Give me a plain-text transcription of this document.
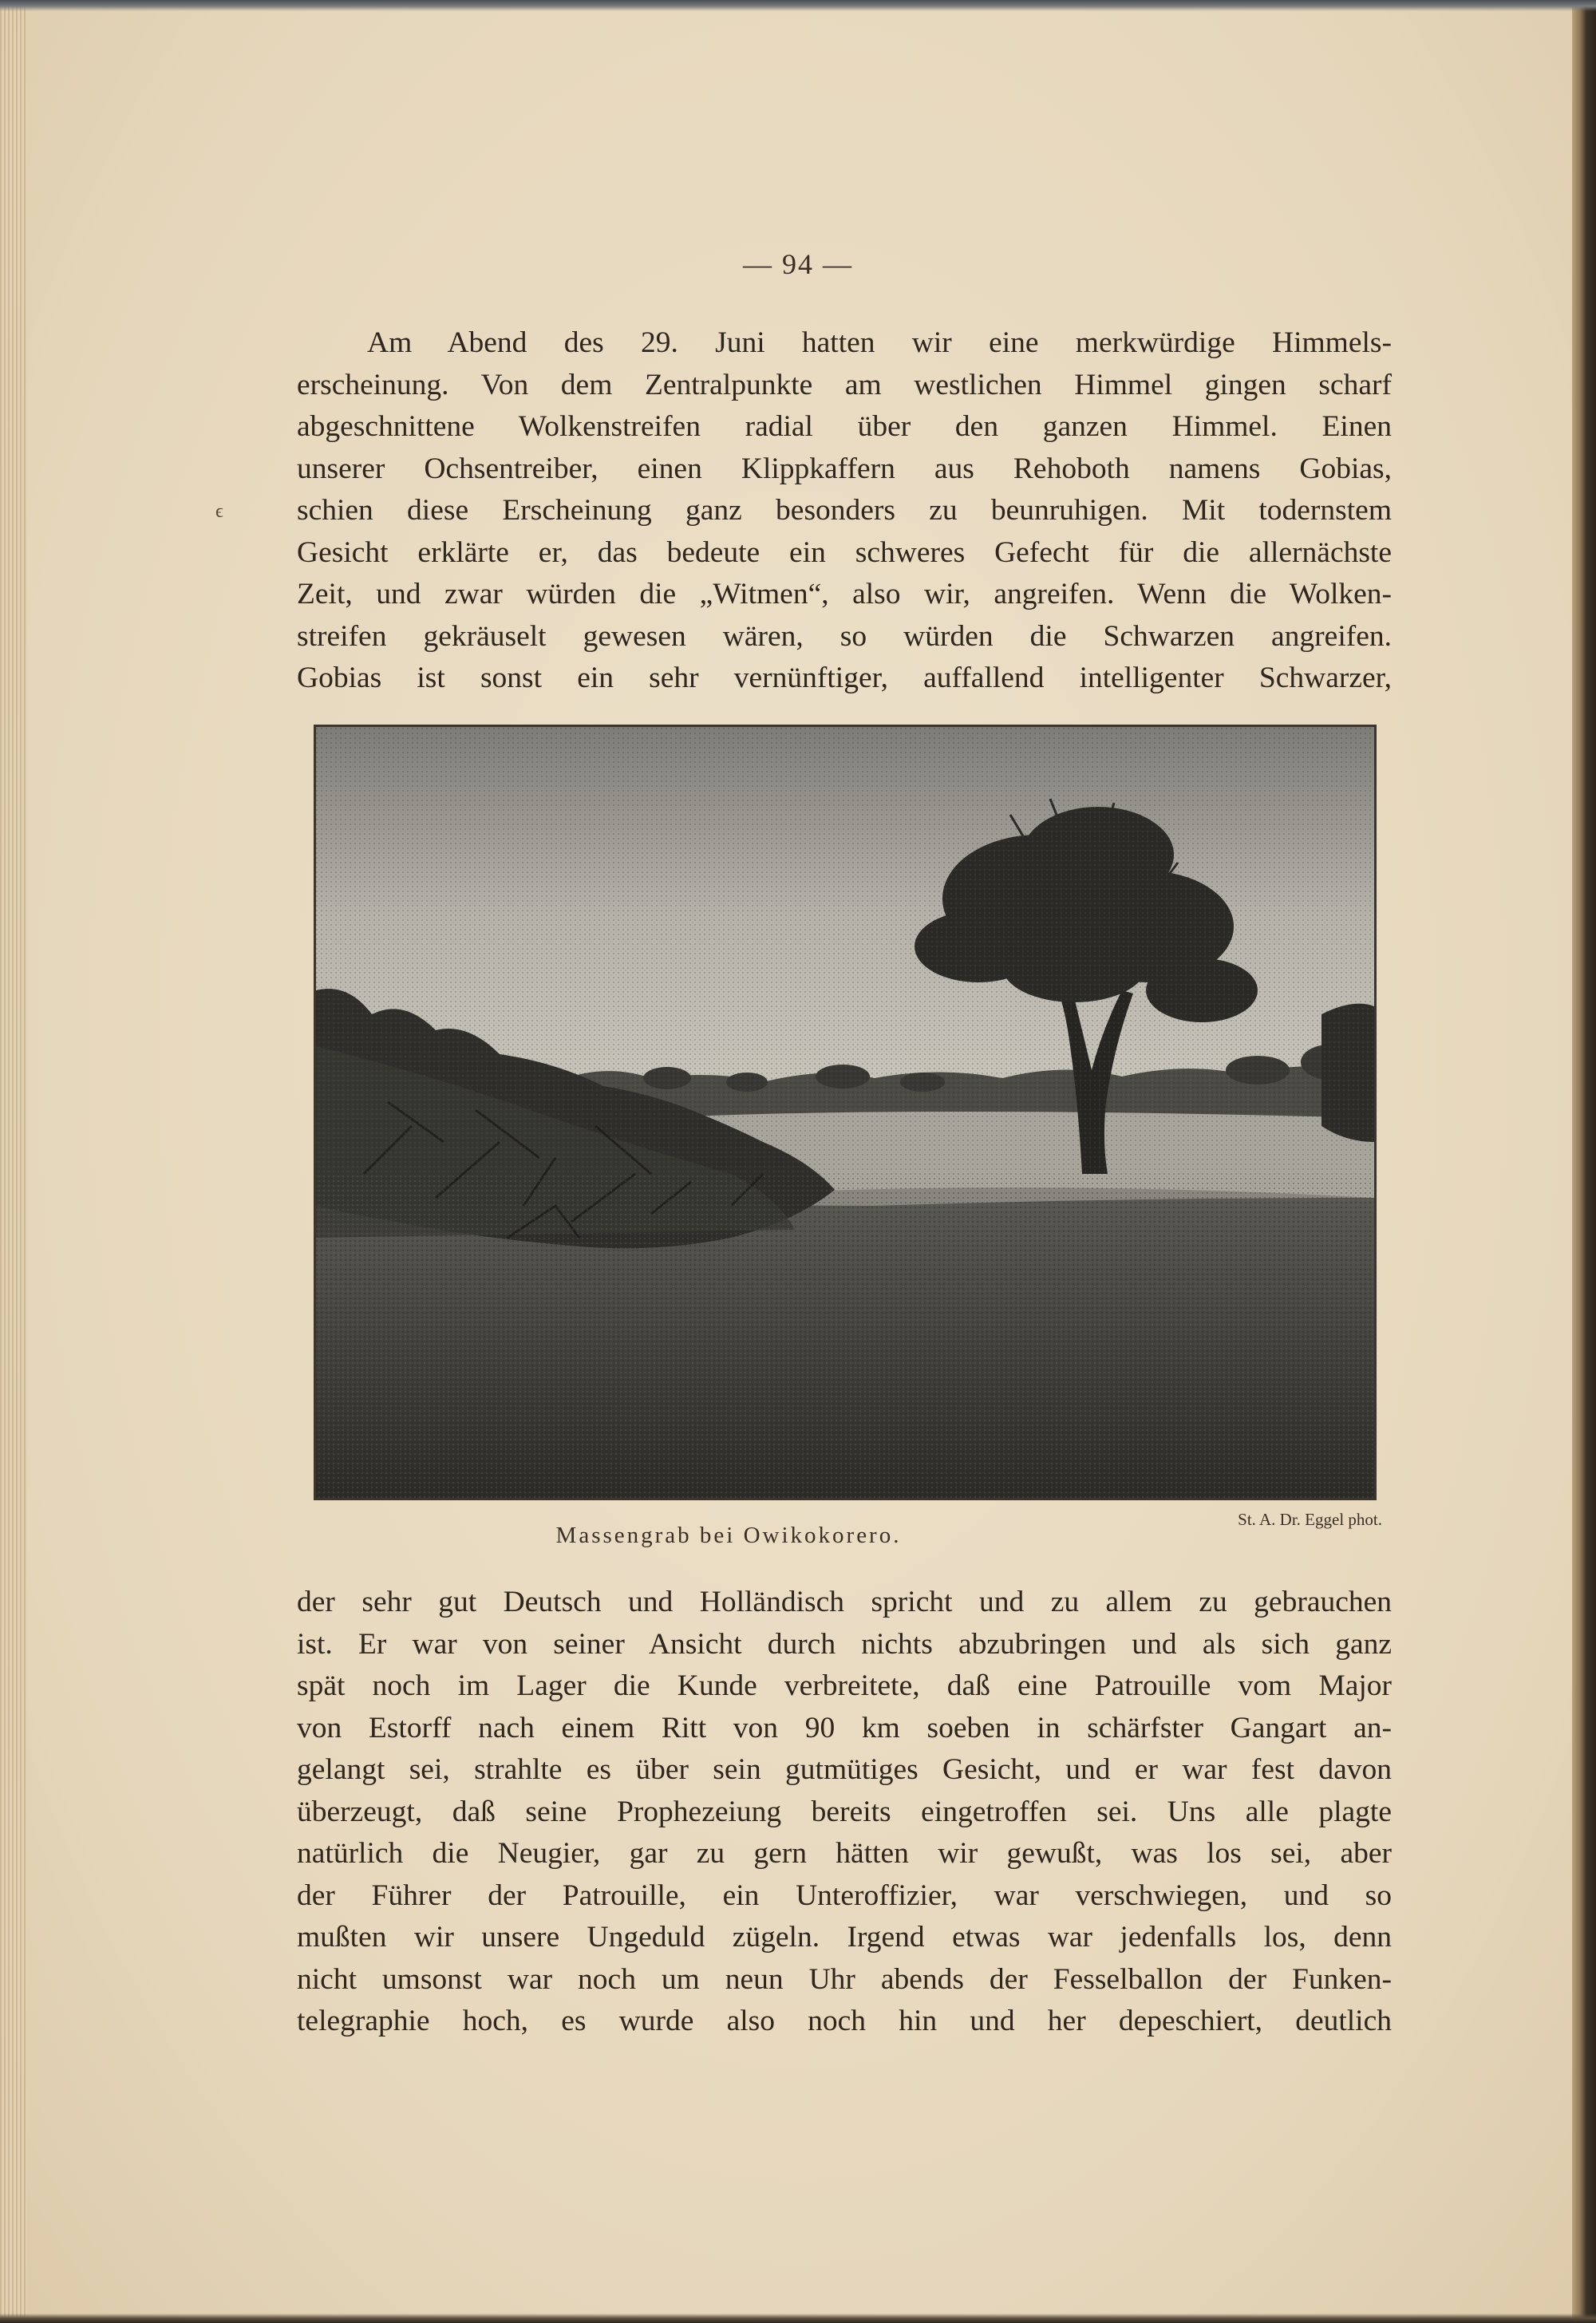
— 94 —
ϵ
Am Abend des 29. Juni hatten wir eine merkwürdige Himmels-
erscheinung. Von dem Zentralpunkte am westlichen Himmel gingen scharf
abgeschnittene Wolkenstreifen radial über den ganzen Himmel. Einen
unserer Ochsentreiber, einen Klippkaffern aus Rehoboth namens Gobias,
schien diese Erscheinung ganz besonders zu beunruhigen. Mit todernstem
Gesicht erklärte er, das bedeute ein schweres Gefecht für die allernächste
Zeit, und zwar würden die „Witmen“, also wir, angreifen. Wenn die Wolken-
streifen gekräuselt gewesen wären, so würden die Schwarzen angreifen.
Gobias ist sonst ein sehr vernünftiger, auffallend intelligenter Schwarzer,
St. A. Dr. Eggel phot.
Massengrab bei Owikokorero.
der sehr gut Deutsch und Holländisch spricht und zu allem zu gebrauchen
ist. Er war von seiner Ansicht durch nichts abzubringen und als sich ganz
spät noch im Lager die Kunde verbreitete, daß eine Patrouille vom Major
von Estorff nach einem Ritt von 90 km soeben in schärfster Gangart an-
gelangt sei, strahlte es über sein gutmütiges Gesicht, und er war fest davon
überzeugt, daß seine Prophezeiung bereits eingetroffen sei. Uns alle plagte
natürlich die Neugier, gar zu gern hätten wir gewußt, was los sei, aber
der Führer der Patrouille, ein Unteroffizier, war verschwiegen, und so
mußten wir unsere Ungeduld zügeln. Irgend etwas war jedenfalls los, denn
nicht umsonst war noch um neun Uhr abends der Fesselballon der Funken-
telegraphie hoch, es wurde also noch hin und her depeschiert, deutlich
